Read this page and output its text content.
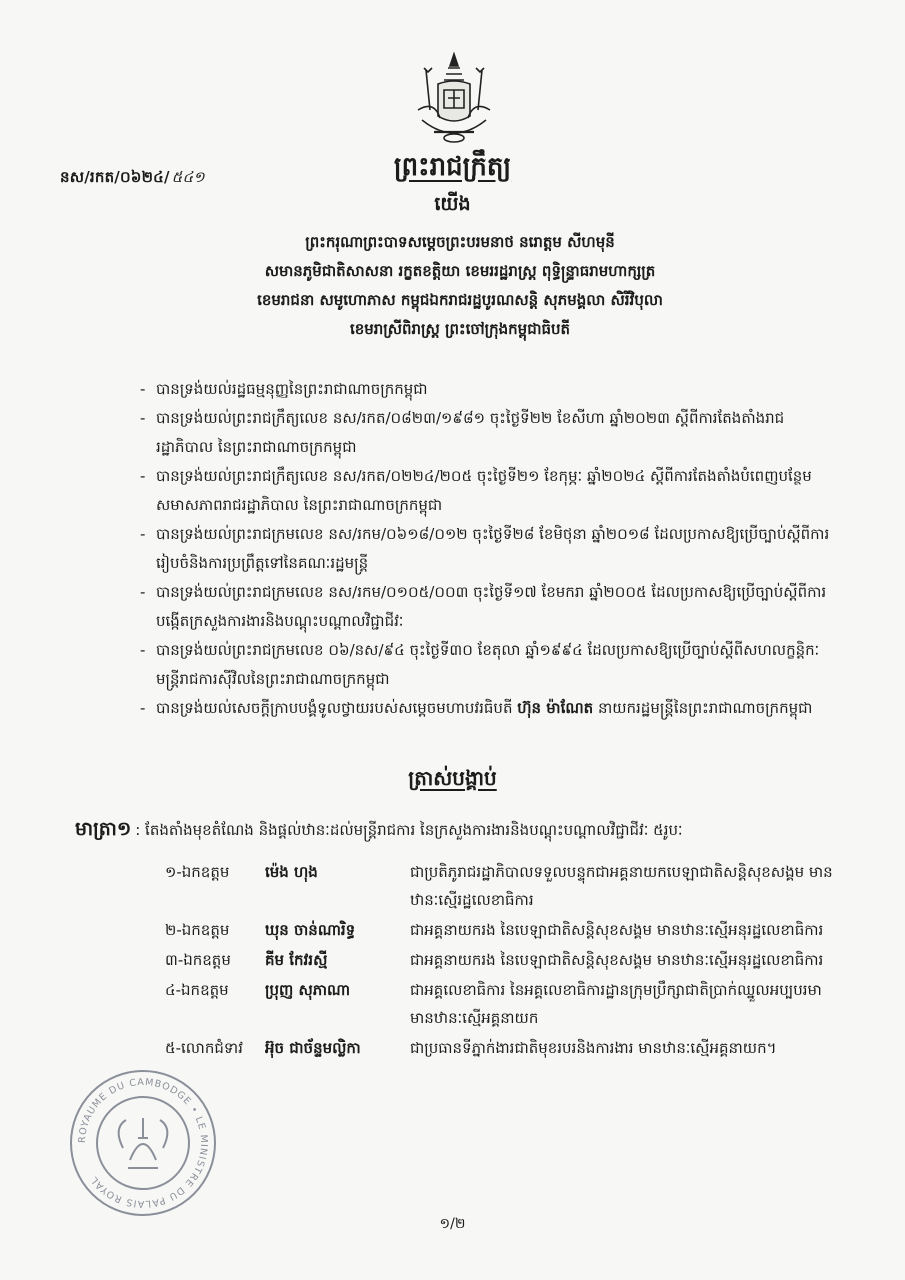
នស/រកត/០៦២៤/ ៥៤១	ព្រះរាជក្រឹត្យ
យើង
ព្រះករុណាព្រះបាទសម្តេចព្រះបរមនាថ នរោត្តម សីហមុនី
សមានភូមិជាតិសាសនា រក្ខតខត្តិយា ខេមររដ្ឋរាស្ត្រ ពុទ្ធិន្ទ្រាធរាមហាក្សត្រ
ខេមរាជនា សមូហោភាស កម្ពុជឯករាជរដ្ឋបូរណសន្តិ សុភមង្គលា សិរីវិបុលា
ខេមរាស្រីពិរាស្ត្រ ព្រះចៅក្រុងកម្ពុជាធិបតី
- បានទ្រង់យល់រដ្ឋធម្មនុញ្ញនៃព្រះរាជាណាចក្រកម្ពុជា
- បានទ្រង់យល់ព្រះរាជក្រឹត្យលេខ នស/រកត/០៨២៣/១៩៨១ ចុះថ្ងៃទី២២ ខែសីហា ឆ្នាំ២០២៣ ស្តីពីការតែងតាំងរាជរដ្ឋាភិបាល នៃព្រះរាជាណាចក្រកម្ពុជា
- បានទ្រង់យល់ព្រះរាជក្រឹត្យលេខ នស/រកត/០២២៤/២០៥ ចុះថ្ងៃទី២១ ខែកុម្ភៈ ឆ្នាំ២០២៤ ស្តីពីការតែងតាំងបំពេញបន្ថែមសមាសភាពរាជរដ្ឋាភិបាល នៃព្រះរាជាណាចក្រកម្ពុជា
- បានទ្រង់យល់ព្រះរាជក្រមលេខ នស/រកម/០៦១៨/០១២ ចុះថ្ងៃទី២៨ ខែមិថុនា ឆ្នាំ២០១៨ ដែលប្រកាសឱ្យប្រើច្បាប់ស្តីពីការរៀបចំនិងការប្រព្រឹត្តទៅនៃគណៈរដ្ឋមន្ត្រី
- បានទ្រង់យល់ព្រះរាជក្រមលេខ នស/រកម/០១០៥/០០៣ ចុះថ្ងៃទី១៧ ខែមករា ឆ្នាំ២០០៥ ដែលប្រកាសឱ្យប្រើច្បាប់ស្តីពីការបង្កើតក្រសួងការងារនិងបណ្តុះបណ្តាលវិជ្ជាជីវៈ
- បានទ្រង់យល់ព្រះរាជក្រមលេខ ០៦/នស/៩៤ ចុះថ្ងៃទី៣០ ខែតុលា ឆ្នាំ១៩៩៤ ដែលប្រកាសឱ្យប្រើច្បាប់ស្តីពីសហលក្ខន្តិកៈមន្ត្រីរាជការស៊ីវិលនៃព្រះរាជាណាចក្រកម្ពុជា
- បានទ្រង់យល់សេចក្តីក្រាបបង្គំទូលថ្វាយរបស់សម្តេចមហាបវរធិបតី ហ៊ុន ម៉ាណែត នាយករដ្ឋមន្ត្រីនៃព្រះរាជាណាចក្រកម្ពុជា
ត្រាស់បង្គាប់
មាត្រា១ : តែងតាំងមុខតំណែង និងផ្តល់ឋានៈដល់មន្ត្រីរាជការ នៃក្រសួងការងារនិងបណ្តុះបណ្តាលវិជ្ជាជីវៈ ៥រូបៈ
១-ឯកឧត្តម	ម៉េង ហុង	ជាប្រតិភូរាជរដ្ឋាភិបាលទទួលបន្ទុកជាអគ្គនាយកបេឡាជាតិសន្តិសុខសង្គម មានឋានៈស្មើរដ្ឋលេខាធិការ
២-ឯកឧត្តម	ឃុន ចាន់ណារិទ្ធ	ជាអគ្គនាយករង នៃបេឡាជាតិសន្តិសុខសង្គម មានឋានៈស្មើអនុរដ្ឋលេខាធិការ
៣-ឯកឧត្តម	គីម កែវរស្មី	ជាអគ្គនាយករង នៃបេឡាជាតិសន្តិសុខសង្គម មានឋានៈស្មើអនុរដ្ឋលេខាធិការ
៤-ឯកឧត្តម	ប្រុញ សុភាណា	ជាអគ្គលេខាធិការ នៃអគ្គលេខាធិការដ្ឋានក្រុមប្រឹក្សាជាតិប្រាក់ឈ្នួលអប្បបរមា មានឋានៈស្មើអគ្គនាយក
៥-លោកជំទាវ	អ៊ុច ជាច័ន្ទមល្លិកា	ជាប្រធានទីភ្នាក់ងារជាតិមុខរបរនិងការងារ មានឋានៈស្មើអគ្គនាយក។
ROYAUME DU CAMBODGE • LE MINISTRE DU PALAIS ROYAL
១/២
